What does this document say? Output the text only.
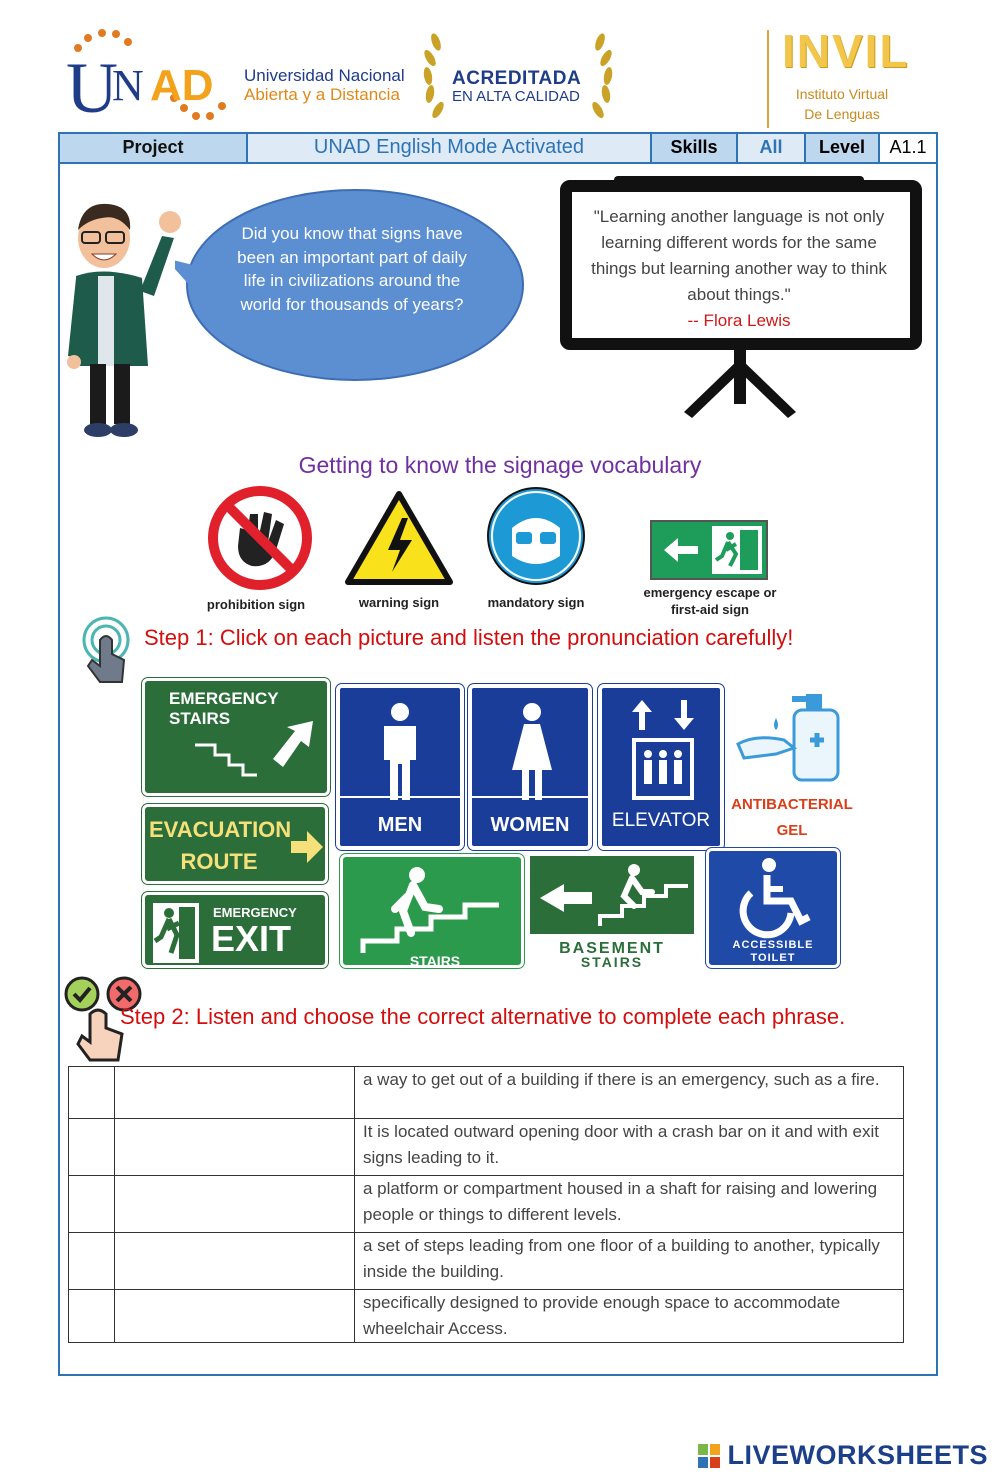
U
N AD Universidad Nacional
Abierta y a Distancia
ACREDITADA
EN ALTA CALIDAD
INVIL
Instituto Virtual
De Lenguas
Project	UNAD English Mode Activated	Skills	All	Level	A1.1
Did you know that signs have been an important part of daily life in civilizations around the world for thousands of years?
"Learning another language is not only learning different words for the same things but learning another way to think about things."
-- Flora Lewis
Getting to know the signage vocabulary
prohibition sign	warning sign	mandatory sign
emergency escape or first-aid sign
Step 1: Click on each picture and listen the pronunciation carefully!
EMERGENCY STAIRS
EVACUATION
ROUTE
EMERGENCY
EXIT
MEN	WOMEN	ELEVATOR
ANTIBACTERIAL
GEL
STAIRS
BASEMENT
STAIRS
ACCESSIBLE
TOILET
Step 2: Listen and choose the correct alternative to complete each phrase.
		a way to get out of a building if there is an emergency, such as a fire.
		It is located outward opening door with a crash bar on it and with exit signs leading to it.
		a platform or compartment housed in a shaft for raising and lowering people or things to different levels.
		a set of steps leading from one floor of a building to another, typically inside the building.
		specifically designed to provide enough space to accommodate wheelchair Access.
LIVEWORKSHEETS
